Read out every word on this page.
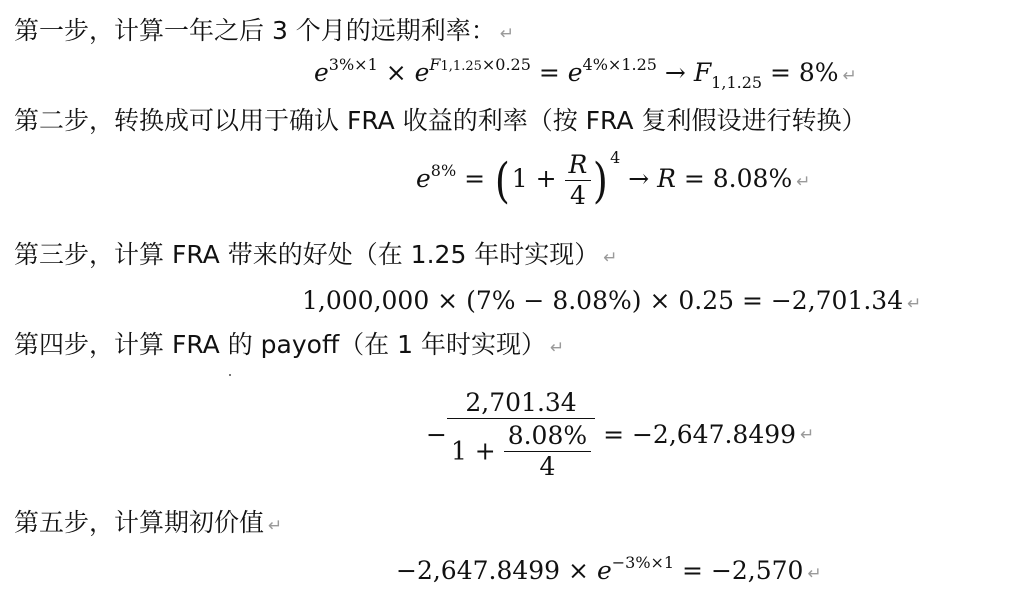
第一步，计算一年之后 3 个月的远期利率： ↵
$e^{3\%\times 1} \times e^{F1,1.25\times 0.25} = e^{4\%\times 1.25} \to F_{1,1.25} = 8\%$ ↵
第二步，转换成可以用于确认 FRA 收益的利率（按 FRA 复利假设进行转换）
$e^{8\%} = (1 + \frac{R}{4}$ ) $^4$ → R = 8.08% ↵
第三步，计算 FRA 带来的好处（在 1.25 年时实现） ↵
1,000,000 × (7% − 8.08%) × 0.25 = −2,701.34 ↵
第四步，计算 FRA 的 payoff（在 1 年时实现） ↵
− $\frac{2,701.34}{1 + \frac{8.08\%}{4}} = -2,647.8499$ ↵
第五步，计算期初价值 ↵
$-2,647.8499 \times e^{-3\%\times 1} = -2,570$ ↵
